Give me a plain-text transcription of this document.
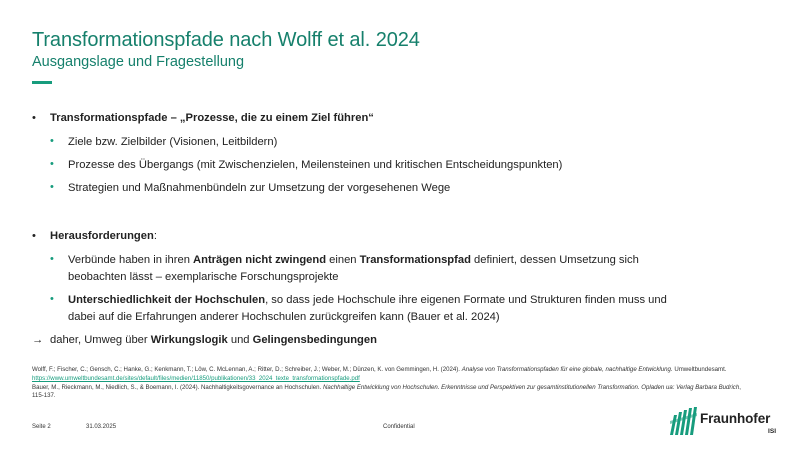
Transformationspfade nach Wolff et al. 2024
Ausgangslage und Fragestellung
•	Transformationspfade – „Prozesse, die zu einem Ziel führen“
•	Ziele bzw. Zielbilder (Visionen, Leitbildern)
•	Prozesse des Übergangs (mit Zwischenzielen, Meilensteinen und kritischen Entscheidungspunkten)
•	Strategien und Maßnahmenbündeln zur Umsetzung der vorgesehenen Wege
•	Herausforderungen:
•	Verbünde haben in ihren Anträgen nicht zwingend einen Transformationspfad definiert, dessen Umsetzung sich
beobachten lässt – exemplarische Forschungsprojekte
•	Unterschiedlichkeit der Hochschulen, so dass jede Hochschule ihre eigenen Formate und Strukturen finden muss und
dabei auf die Erfahrungen anderer Hochschulen zurückgreifen kann (Bauer et al. 2024)
→ daher, Umweg über Wirkungslogik und Gelingensbedingungen
Wolff, F.; Fischer, C.; Gensch, C.; Hanke, G.; Kenkmann, T.; Löw, C. McLennan, A.; Ritter, D.; Schreiber, J.; Weber, M.; Dünzen, K. von Gemmingen, H. (2024). Analyse von Transformationspfaden für eine globale, nachhaltige Entwicklung. Umweltbundesamt. https://www.umweltbundesamt.de/sites/default/files/medien/11850/publikationen/33_2024_texte_transformationspfade.pdf
Bauer, M., Rieckmann, M., Niedlich, S., & Boemann, I. (2024). Nachhaltigkeitsgovernance an Hochschulen. Nachhaltige Entwicklung von Hochschulen. Erkenntnisse und Perspektiven zur gesamtinstitutionellen Transformation. Opladen ua: Verlag Barbara Budrich, 115-137.
Seite 2	31.03.2025	Confidential
Fraunhofer
ISI
